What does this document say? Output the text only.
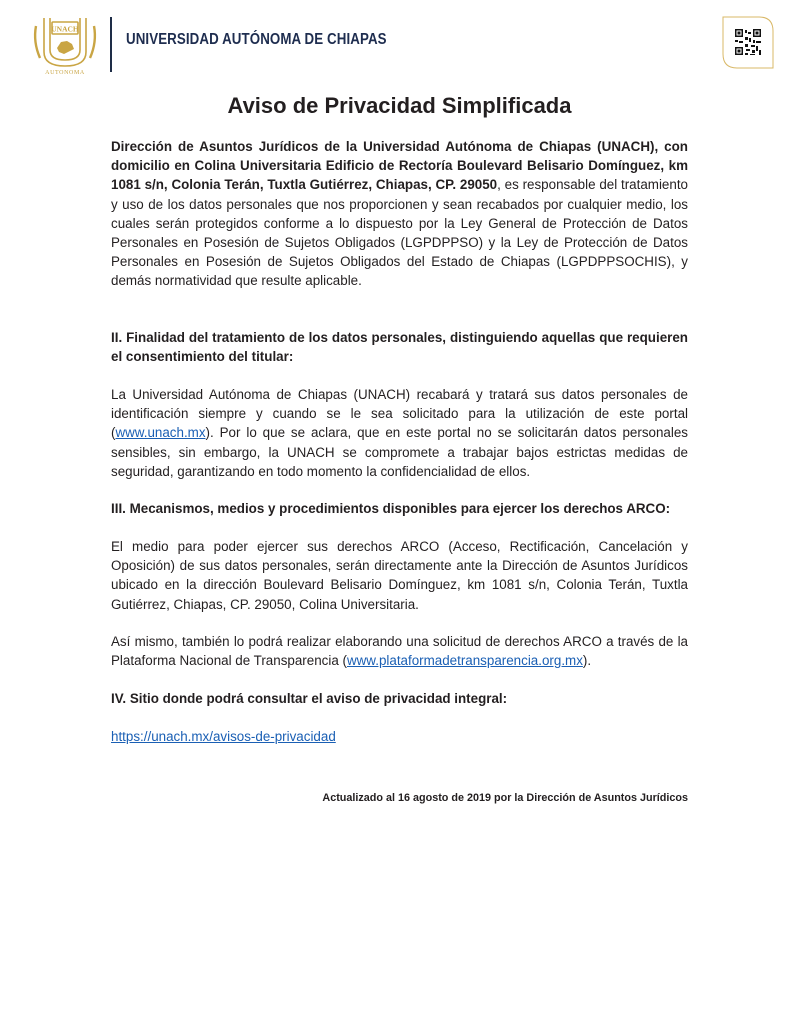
UNACH
AUTONOMA
UNIVERSIDAD AUTÓNOMA DE CHIAPAS
Aviso de Privacidad Simplificada
Dirección de Asuntos Jurídicos de la Universidad Autónoma de Chiapas (UNACH), con domicilio en Colina Universitaria Edificio de Rectoría Boulevard Belisario Domínguez, km 1081 s/n, Colonia Terán, Tuxtla Gutiérrez, Chiapas, CP. 29050, es responsable del tratamiento y uso de los datos personales que nos proporcionen y sean recabados por cualquier medio, los cuales serán protegidos conforme a lo dispuesto por la Ley General de Protección de Datos Personales en Posesión de Sujetos Obligados (LGPDPPSO) y la Ley de Protección de Datos Personales en Posesión de Sujetos Obligados del Estado de Chiapas (LGPDPPSOCHIS), y demás normatividad que resulte aplicable.
II. Finalidad del tratamiento de los datos personales, distinguiendo aquellas que requieren el consentimiento del titular:
La Universidad Autónoma de Chiapas (UNACH) recabará y tratará sus datos personales de identificación siempre y cuando se le sea solicitado para la utilización de este portal (www.unach.mx). Por lo que se aclara, que en este portal no se solicitarán datos personales sensibles, sin embargo, la UNACH se compromete a trabajar bajos estrictas medidas de seguridad, garantizando en todo momento la confidencialidad de ellos.
III. Mecanismos, medios y procedimientos disponibles para ejercer los derechos ARCO:
El medio para poder ejercer sus derechos ARCO (Acceso, Rectificación, Cancelación y Oposición) de sus datos personales, serán directamente ante la Dirección de Asuntos Jurídicos ubicado en la dirección Boulevard Belisario Domínguez, km 1081 s/n, Colonia Terán, Tuxtla Gutiérrez, Chiapas, CP. 29050, Colina Universitaria.
Así mismo, también lo podrá realizar elaborando una solicitud de derechos ARCO a través de la Plataforma Nacional de Transparencia (www.plataformadetransparencia.org.mx).
IV. Sitio donde podrá consultar el aviso de privacidad integral:
https://unach.mx/avisos-de-privacidad
Actualizado al 16 agosto de 2019 por la Dirección de Asuntos Jurídicos
